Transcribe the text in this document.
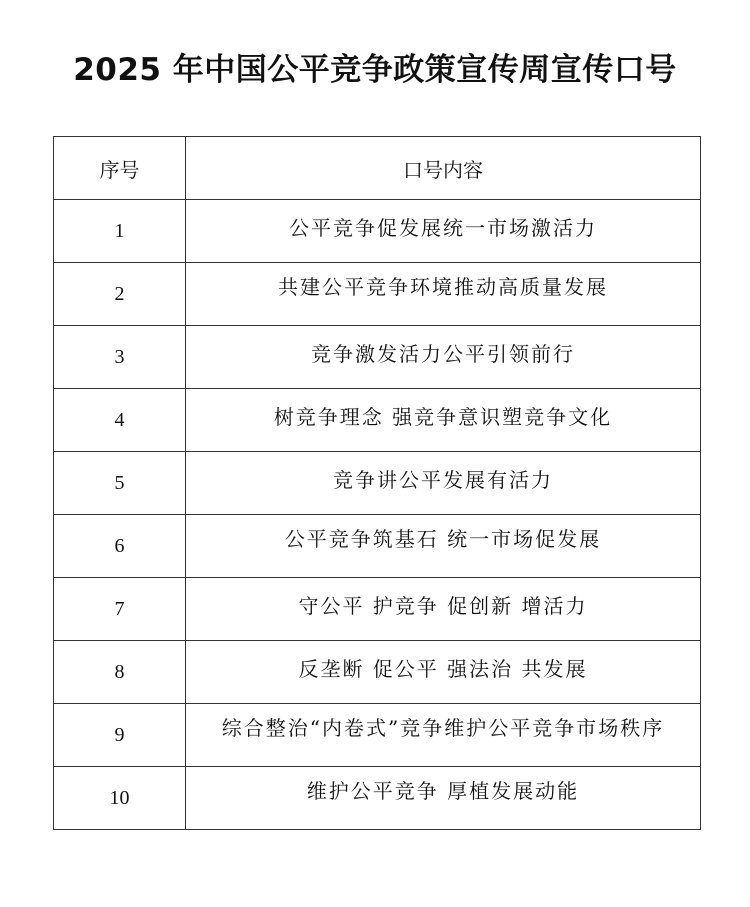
2025 年中国公平竞争政策宣传周宣传口号
序号	口号内容
1	公平竞争促发展统一市场激活力

2	共建公平竞争环境推动高质量发展

3	竞争激发活力公平引领前行

4	树竞争理念 强竞争意识塑竞争文化

5	竞争讲公平发展有活力

6	公平竞争筑基石 统一市场促发展

7	守公平 护竞争 促创新 增活力

8	反垄断 促公平 强法治 共发展

9	综合整治“内卷式”竞争维护公平竞争市场秩序

10	维护公平竞争 厚植发展动能
